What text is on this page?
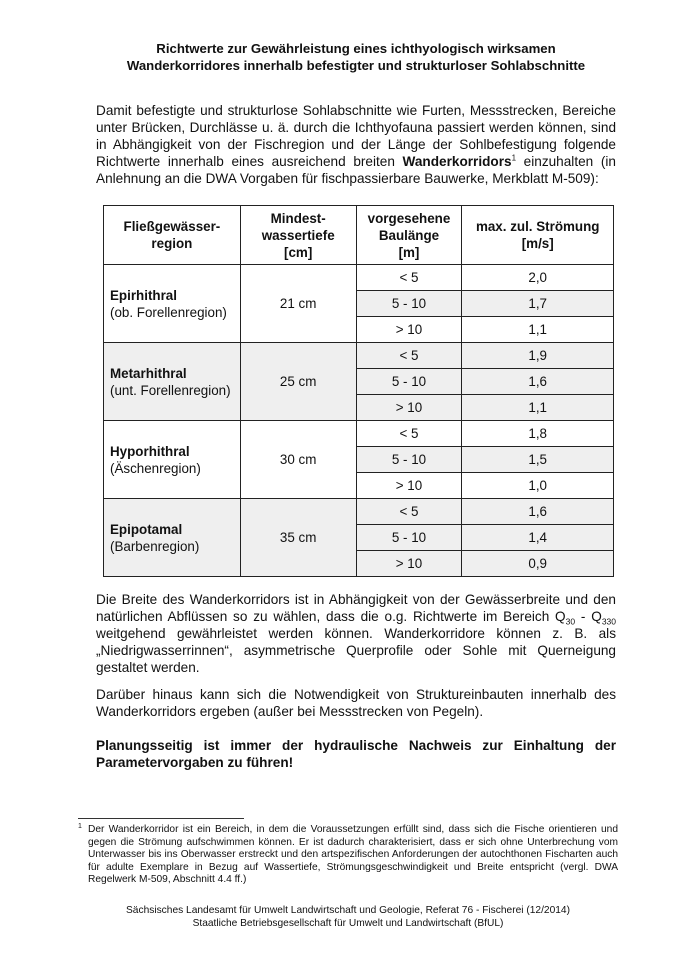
Richtwerte zur Gewährleistung eines ichthyologisch wirksamen
Wanderkorridores innerhalb befestigter und strukturloser Sohlabschnitte
Damit befestigte und strukturlose Sohlabschnitte wie Furten, Messstrecken, Bereiche unter Brücken, Durchlässe u. ä. durch die Ichthyofauna passiert werden können, sind in Abhängigkeit von der Fischregion und der Länge der Sohlbefestigung folgende Richtwerte innerhalb eines ausreichend breiten Wanderkorridors$^1$ einzuhalten (in Anlehnung an die DWA Vorgaben für fischpassierbare Bauwerke, Merkblatt M-509):
Fließgewässer-
region	Mindest-
wassertiefe
[cm]	vorgesehene
Baulänge
[m]	max. zul. Strömung
[m/s]

Epirhithral
(ob. Forellenregion)	21 cm	< 5	2,0
		5 - 10	1,7
		> 10	1,1

Metarhithral
(unt. Forellenregion)	25 cm	< 5	1,9
		5 - 10	1,6
		> 10	1,1

Hyporhithral
(Äschenregion)	30 cm	< 5	1,8
		5 - 10	1,5
		> 10	1,0

Epipotamal
(Barbenregion)	35 cm	< 5	1,6
		5 - 10	1,4
		> 10	0,9
Die Breite des Wanderkorridors ist in Abhängigkeit von der Gewässerbreite und den natürlichen Abflüssen so zu wählen, dass die o.g. Richtwerte im Bereich $Q_{30} - Q_{330}$ weitgehend gewährleistet werden können. Wanderkorridore können z. B. als „Niedrigwasserrinnen“, asymmetrische Querprofile oder Sohle mit Querneigung gestaltet werden.
Darüber hinaus kann sich die Notwendigkeit von Struktureinbauten innerhalb des Wanderkorridors ergeben (außer bei Messstrecken von Pegeln).
Planungsseitig ist immer der hydraulische Nachweis zur Einhaltung der Parametervorgaben zu führen!
1 Der Wanderkorridor ist ein Bereich, in dem die Voraussetzungen erfüllt sind, dass sich die Fische orientieren und gegen die Strömung aufschwimmen können. Er ist dadurch charakterisiert, dass er sich ohne Unterbrechung vom Unterwasser bis ins Oberwasser erstreckt und den artspezifischen Anforderungen der autochthonen Fischarten auch für adulte Exemplare in Bezug auf Wassertiefe, Strömungsgeschwindigkeit und Breite entspricht (vergl. DWA Regelwerk M-509, Abschnitt 4.4 ff.)
Sächsisches Landesamt für Umwelt Landwirtschaft und Geologie, Referat 76 - Fischerei (12/2014)
Staatliche Betriebsgesellschaft für Umwelt und Landwirtschaft (BfUL)
